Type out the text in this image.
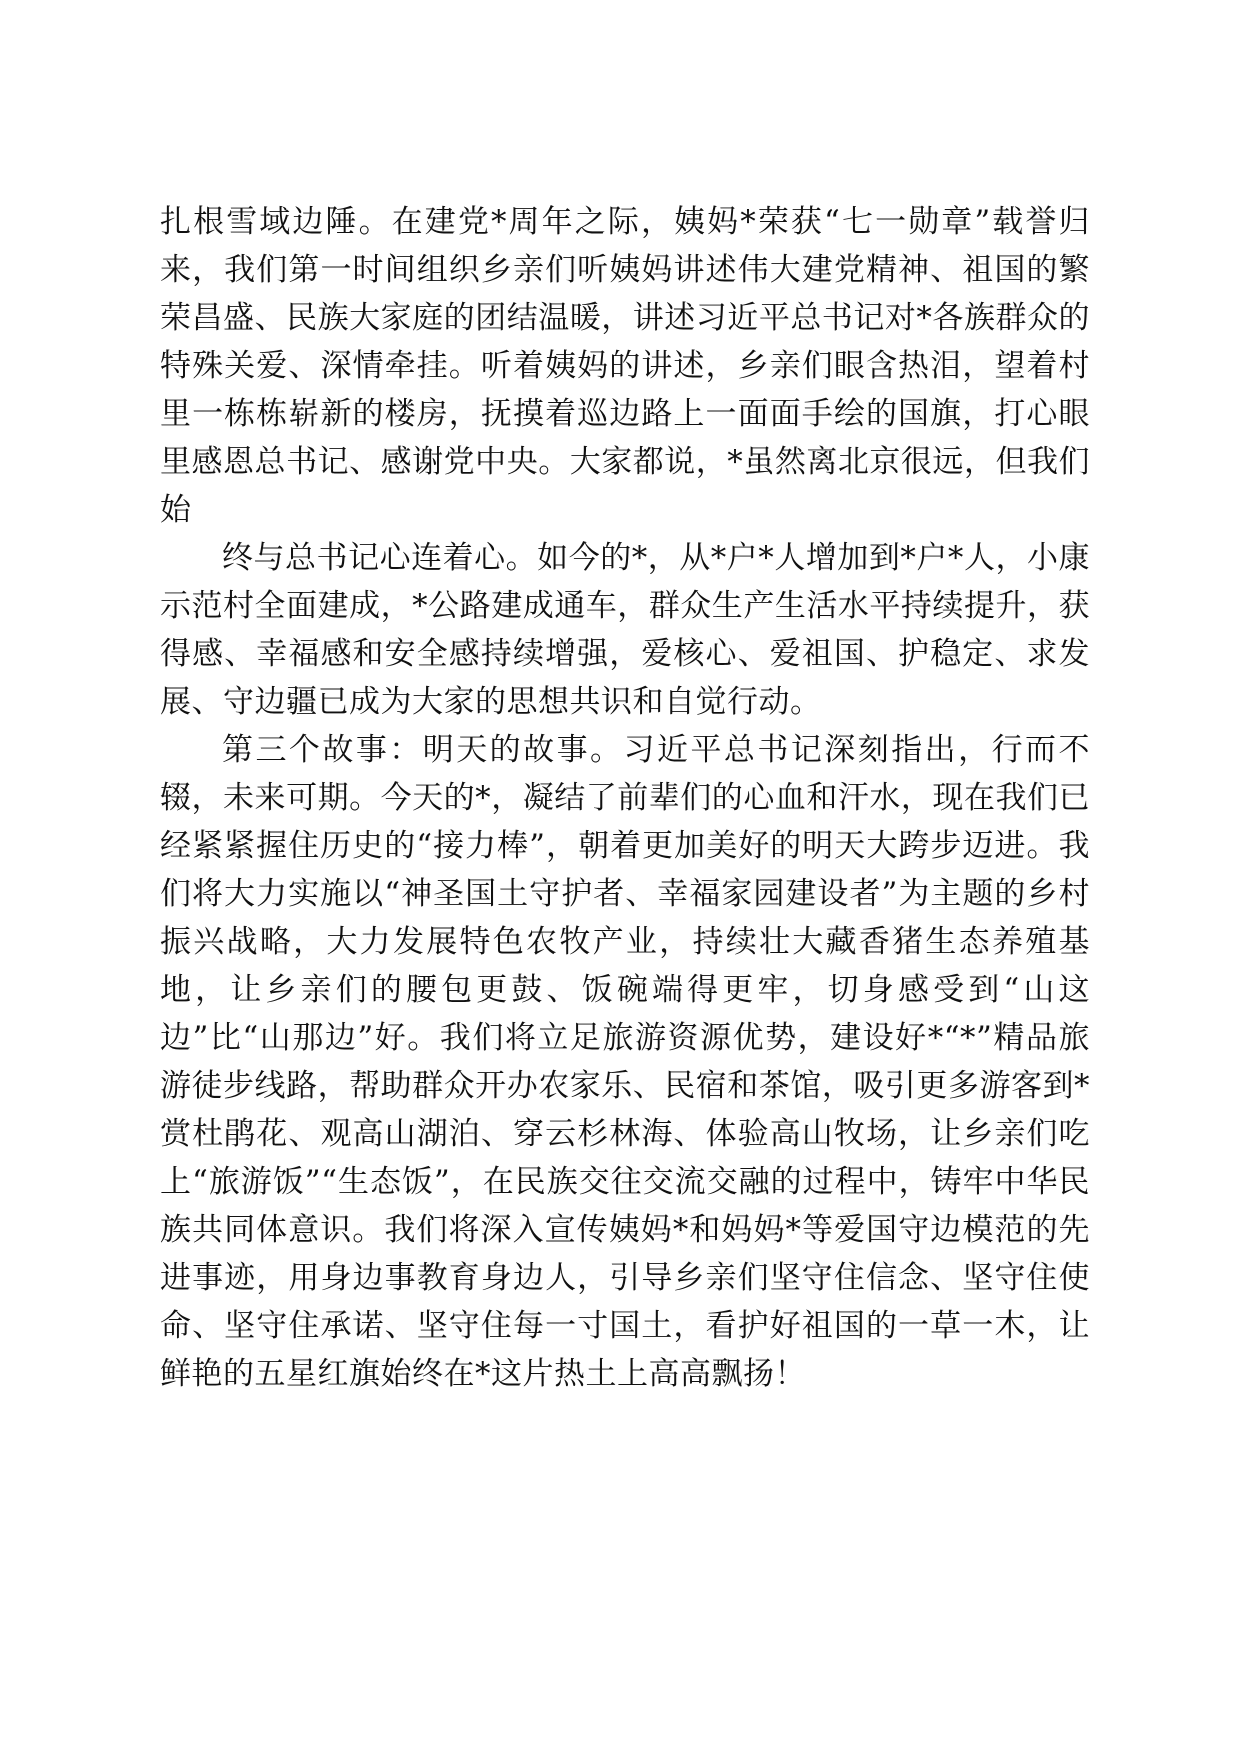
扎根雪域边陲。在建党*周年之际，姨妈*荣获“七一勋章”载誉归来，我们第一时间组织乡亲们听姨妈讲述伟大建党精神、祖国的繁荣昌盛、民族大家庭的团结温暖，讲述习近平总书记对*各族群众的特殊关爱、深情牵挂。听着姨妈的讲述，乡亲们眼含热泪，望着村里一栋栋崭新的楼房，抚摸着巡边路上一面面手绘的国旗，打心眼里感恩总书记、感谢党中央。大家都说，*虽然离北京很远，但我们始

终与总书记心连着心。如今的*，从*户*人增加到*户*人，小康示范村全面建成，*公路建成通车，群众生产生活水平持续提升，获得感、幸福感和安全感持续增强，爱核心、爱祖国、护稳定、求发展、守边疆已成为大家的思想共识和自觉行动。

第三个故事：明天的故事。习近平总书记深刻指出，行而不辍，未来可期。今天的*，凝结了前辈们的心血和汗水，现在我们已经紧紧握住历史的“接力棒”，朝着更加美好的明天大跨步迈进。我们将大力实施以“神圣国土守护者、幸福家园建设者”为主题的乡村振兴战略，大力发展特色农牧产业，持续壮大藏香猪生态养殖基地，让乡亲们的腰包更鼓、饭碗端得更牢，切身感受到“山这边”比“山那边”好。我们将立足旅游资源优势，建设好*“*”精品旅游徒步线路，帮助群众开办农家乐、民宿和茶馆，吸引更多游客到*赏杜鹃花、观高山湖泊、穿云杉林海、体验高山牧场，让乡亲们吃上“旅游饭”“生态饭”，在民族交往交流交融的过程中，铸牢中华民族共同体意识。我们将深入宣传姨妈*和妈妈*等爱国守边模范的先进事迹，用身边事教育身边人，引导乡亲们坚守住信念、坚守住使命、坚守住承诺、坚守住每一寸国土，看护好祖国的一草一木，让鲜艳的五星红旗始终在*这片热土上高高飘扬！
